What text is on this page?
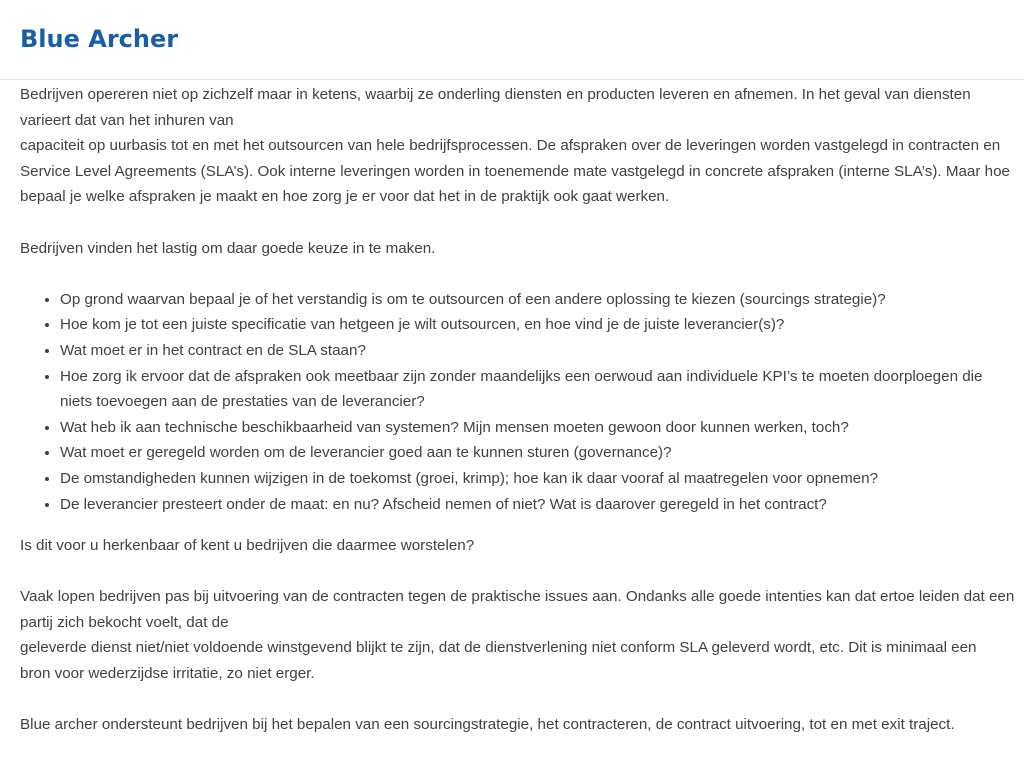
Blue Archer

Bedrijven opereren niet op zichzelf maar in ketens, waarbij ze onderling diensten en producten leveren en afnemen. In het geval van diensten
varieert dat van het inhuren van
capaciteit op uurbasis tot en met het outsourcen van hele bedrijfsprocessen. De afspraken over de leveringen worden vastgelegd in contracten en
Service Level Agreements (SLA’s). Ook interne leveringen worden in toenemende mate vastgelegd in concrete afspraken (interne SLA’s). Maar hoe
bepaal je welke afspraken je maakt en hoe zorg je er voor dat het in de praktijk ook gaat werken.

Bedrijven vinden het lastig om daar goede keuze in te maken.

• Op grond waarvan bepaal je of het verstandig is om te outsourcen of een andere oplossing te kiezen (sourcings strategie)?
• Hoe kom je tot een juiste specificatie van hetgeen je wilt outsourcen, en hoe vind je de juiste leverancier(s)?
• Wat moet er in het contract en de SLA staan?
• Hoe zorg ik ervoor dat de afspraken ook meetbaar zijn zonder maandelijks een oerwoud aan individuele KPI’s te moeten doorploegen die
niets toevoegen aan de prestaties van de leverancier?
• Wat heb ik aan technische beschikbaarheid van systemen? Mijn mensen moeten gewoon door kunnen werken, toch?
• Wat moet er geregeld worden om de leverancier goed aan te kunnen sturen (governance)?
• De omstandigheden kunnen wijzigen in de toekomst (groei, krimp); hoe kan ik daar vooraf al maatregelen voor opnemen?
• De leverancier presteert onder de maat: en nu? Afscheid nemen of niet? Wat is daarover geregeld in het contract?

Is dit voor u herkenbaar of kent u bedrijven die daarmee worstelen?

Vaak lopen bedrijven pas bij uitvoering van de contracten tegen de praktische issues aan. Ondanks alle goede intenties kan dat ertoe leiden dat een
partij zich bekocht voelt, dat de
geleverde dienst niet/niet voldoende winstgevend blijkt te zijn, dat de dienstverlening niet conform SLA geleverd wordt, etc. Dit is minimaal een
bron voor wederzijdse irritatie, zo niet erger.

Blue archer ondersteunt bedrijven bij het bepalen van een sourcingstrategie, het contracteren, de contract uitvoering, tot en met exit traject.
